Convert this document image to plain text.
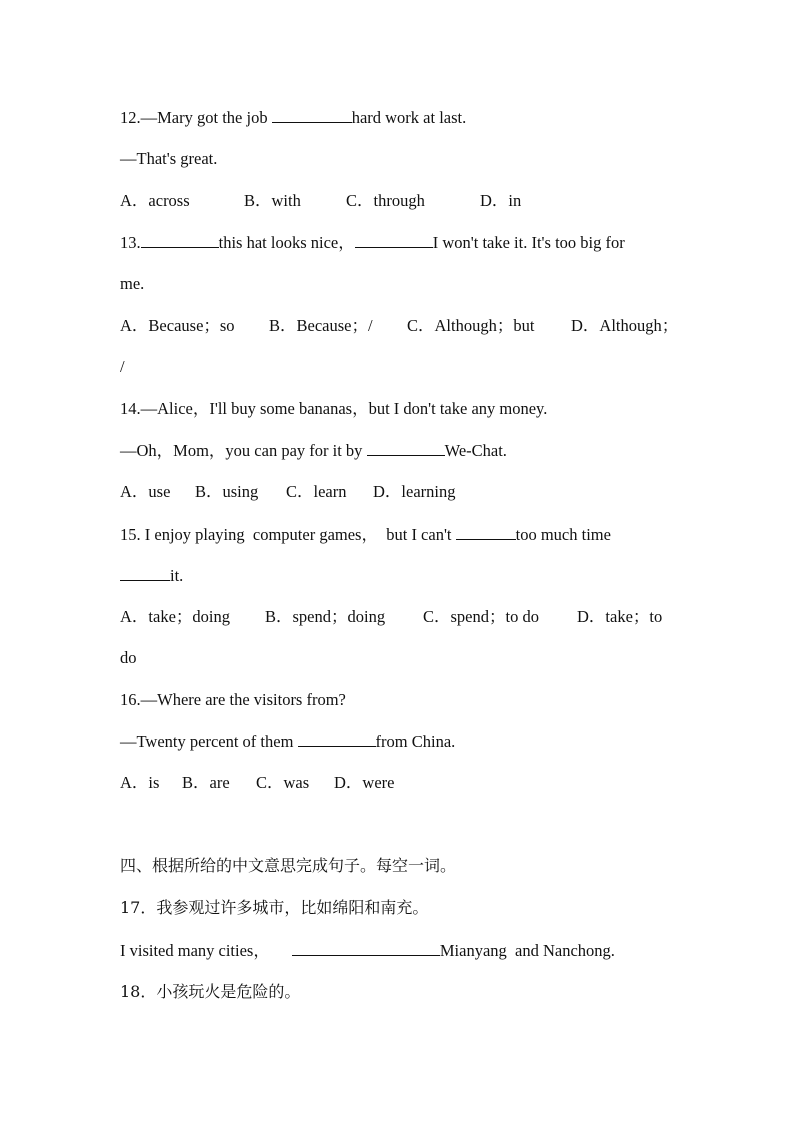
12.—Mary got the job	hard work at last.
—That's great.
A．across	B．with	C．through	D．in
13.	this hat looks nice，	I won't take it. It's too big for
me.
A．Because；so B．Because；/ C．Although；but D．Although；
/
14.—Alice，I'll buy some bananas，but I don't take any money.
—Oh，Mom，you can pay for it by	We-Chat.
A．use B．using C．learn D．learning
15. I enjoy playing  computer games，  but I can't	too much time
it.
A．take；doing B．spend；doing C．spend；to do D．take；to
do
16.—Where are the visitors from?
—Twenty percent of them	from China.
A．is B．are C．was D．were
四、根据所给的中文意思完成句子。每空一词。
17．我参观过许多城市，比如绵阳和南充。
I visited many cities，	Mianyang  and Nanchong.
18．小孩玩火是危险的。
